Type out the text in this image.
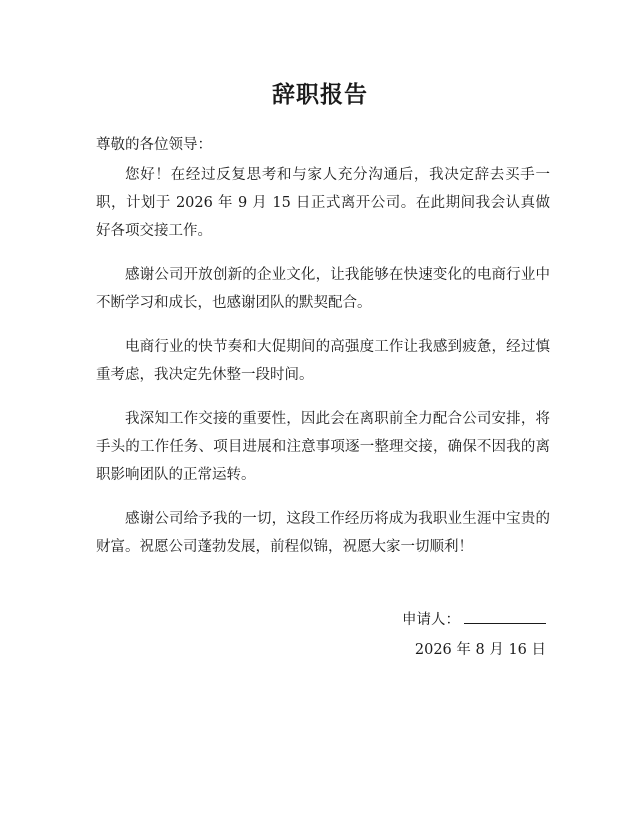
辞职报告

尊敬的各位领导：

您好！在经过反复思考和与家人充分沟通后，我决定辞去买手一职，计划于 2026 年 9 月 15 日正式离开公司。在此期间我会认真做好各项交接工作。

感谢公司开放创新的企业文化，让我能够在快速变化的电商行业中不断学习和成长，也感谢团队的默契配合。

电商行业的快节奏和大促期间的高强度工作让我感到疲惫，经过慎重考虑，我决定先休整一段时间。

我深知工作交接的重要性，因此会在离职前全力配合公司安排，将手头的工作任务、项目进展和注意事项逐一整理交接，确保不因我的离职影响团队的正常运转。

感谢公司给予我的一切，这段工作经历将成为我职业生涯中宝贵的财富。祝愿公司蓬勃发展，前程似锦，祝愿大家一切顺利！

申请人：
2026 年 8 月 16 日
